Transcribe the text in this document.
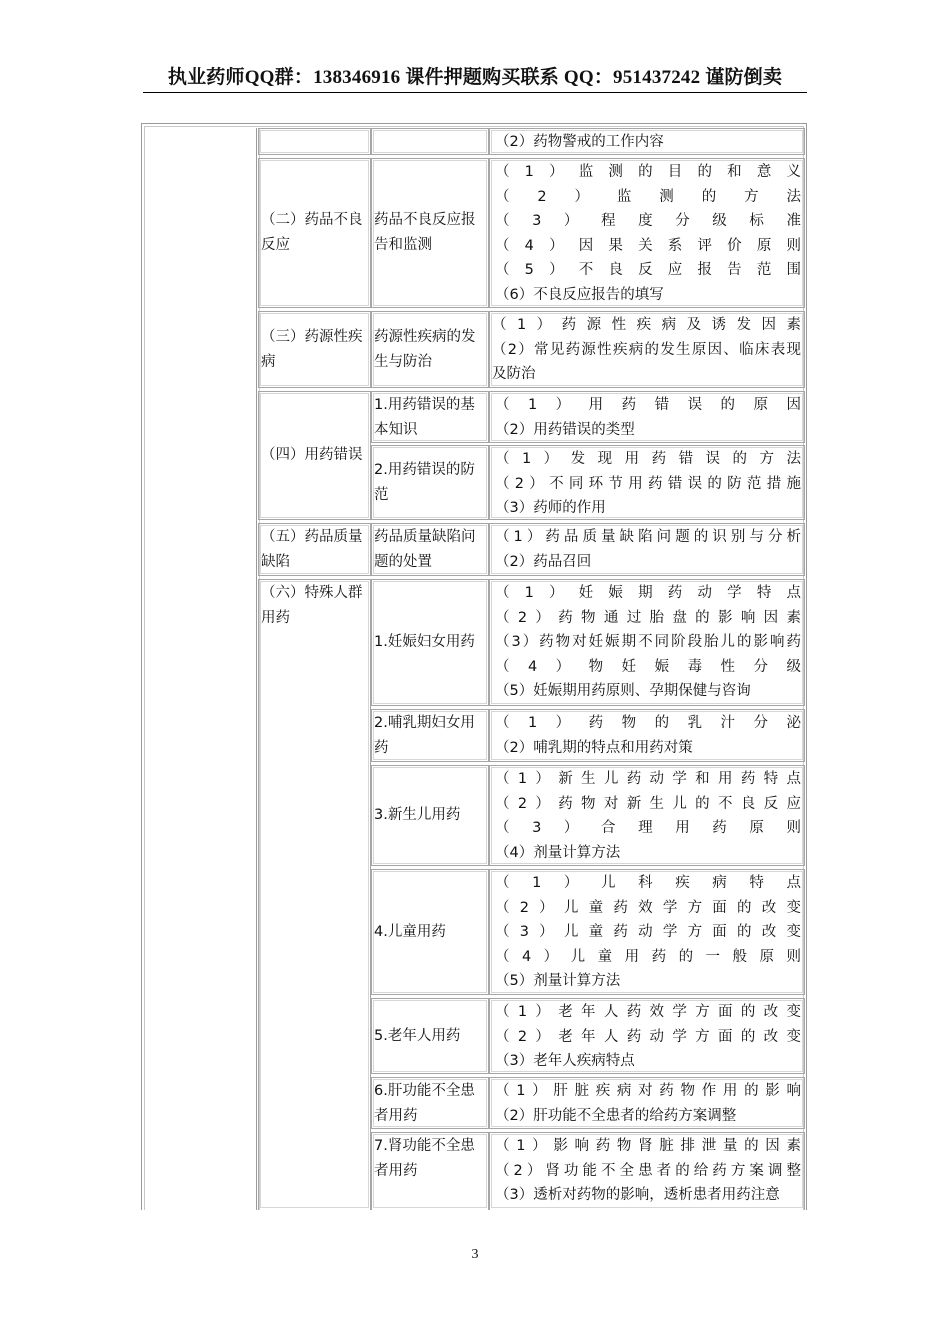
执业药师QQ群：138346916 课件押题购买联系 QQ：951437242 谨防倒卖
（2）药物警戒的工作内容
（二）药品不良反应
药品不良反应报告和监测
（1）监测的目的和意义
（2）监测的方法
（3）程度分级标准
（4）因果关系评价原则
（5）不良反应报告范围
（6）不良反应报告的填写
（三）药源性疾病
药源性疾病的发生与防治
（1）药源性疾病及诱发因素
（2）常见药源性疾病的发生原因、临床表现
及防治
（四）用药错误
1.用药错误的基本知识
（1）用药错误的原因
（2）用药错误的类型
2.用药错误的防范
（1）发现用药错误的方法
（2）不同环节用药错误的防范措施
（3）药师的作用
（五）药品质量缺陷
药品质量缺陷问题的处置
（1）药品质量缺陷问题的识别与分析
（2）药品召回
（六）特殊人群用药
1.妊娠妇女用药
（1）妊娠期药动学特点
（2）药物通过胎盘的影响因素
（3）药物对妊娠期不同阶段胎儿的影响药
（4）物妊娠毒性分级
（5）妊娠期用药原则、孕期保健与咨询
2.哺乳期妇女用药
（1）药物的乳汁分泌
（2）哺乳期的特点和用药对策
3.新生儿用药
（1）新生儿药动学和用药特点
（2）药物对新生儿的不良反应
（3）合理用药原则
（4）剂量计算方法
4.儿童用药
（1）儿科疾病特点
（2）儿童药效学方面的改变
（3）儿童药动学方面的改变
（4）儿童用药的一般原则
（5）剂量计算方法
5.老年人用药
（1）老年人药效学方面的改变
（2）老年人药动学方面的改变
（3）老年人疾病特点
6.肝功能不全患者用药
（1）肝脏疾病对药物作用的影响
（2）肝功能不全患者的给药方案调整
7.肾功能不全患者用药
（1）影响药物肾脏排泄量的因素
（2）肾功能不全患者的给药方案调整
（3）透析对药物的影响，透析患者用药注意
3
